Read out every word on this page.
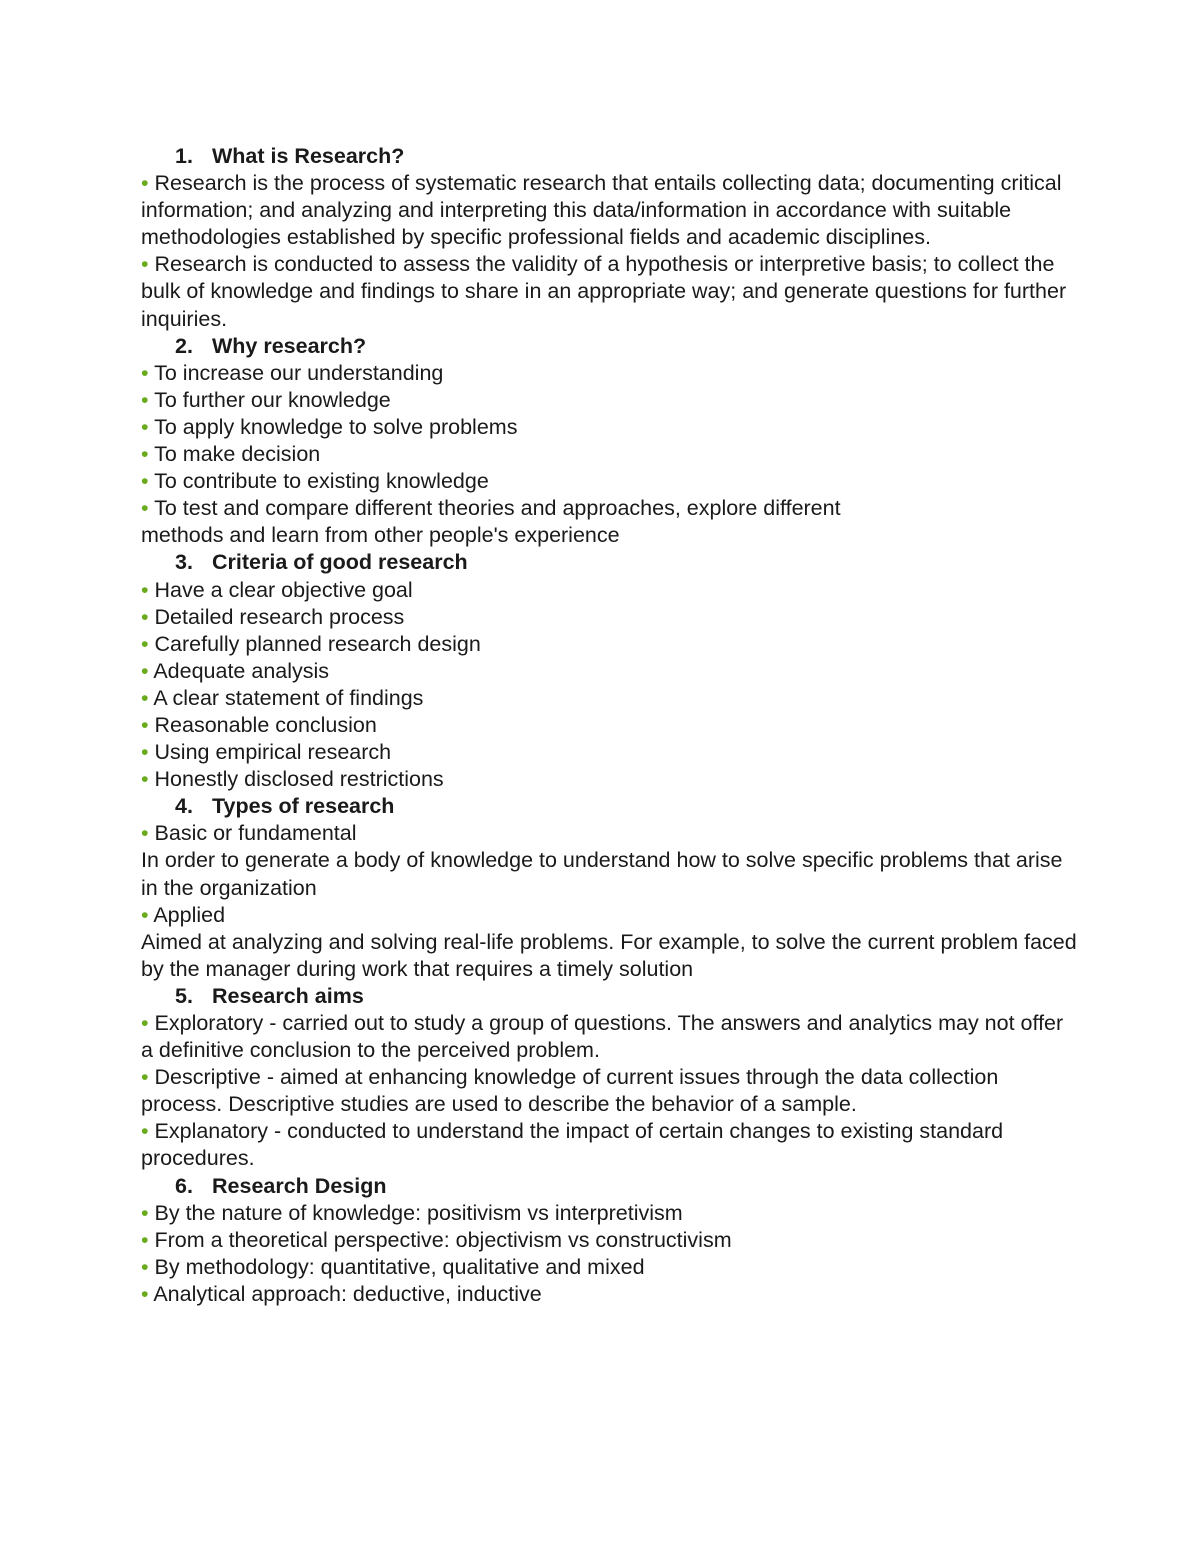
1. What is Research?

• Research is the process of systematic research that entails collecting data; documenting critical information; and analyzing and interpreting this data/information in accordance with suitable methodologies established by specific professional fields and academic disciplines.

• Research is conducted to assess the validity of a hypothesis or interpretive basis; to collect the bulk of knowledge and findings to share in an appropriate way; and generate questions for further inquiries.

2. Why research?

• To increase our understanding

• To further our knowledge

• To apply knowledge to solve problems

• To make decision

• To contribute to existing knowledge

• To test and compare different theories and approaches, explore different

methods and learn from other people's experience

3. Criteria of good research

• Have a clear objective goal

• Detailed research process

• Carefully planned research design

• Adequate analysis

• A clear statement of findings

• Reasonable conclusion

• Using empirical research

• Honestly disclosed restrictions

4. Types of research

• Basic or fundamental

In order to generate a body of knowledge to understand how to solve specific problems that arise in the organization

• Applied

Aimed at analyzing and solving real-life problems. For example, to solve the current problem faced by the manager during work that requires a timely solution

5. Research aims

• Exploratory - carried out to study a group of questions. The answers and analytics may not offer a definitive conclusion to the perceived problem.

• Descriptive - aimed at enhancing knowledge of current issues through the data collection process. Descriptive studies are used to describe the behavior of a sample.

• Explanatory - conducted to understand the impact of certain changes to existing standard procedures.

6. Research Design

• By the nature of knowledge: positivism vs interpretivism

• From a theoretical perspective: objectivism vs constructivism

• By methodology: quantitative, qualitative and mixed

• Analytical approach: deductive, inductive
